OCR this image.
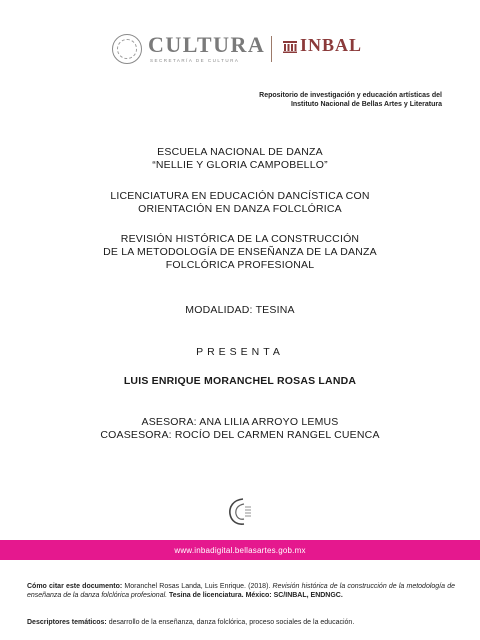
CULTURA
SECRETARÍA DE CULTURA
INBAL
Repositorio de investigación y educación artísticas del
Instituto Nacional de Bellas Artes y Literatura
ESCUELA NACIONAL DE DANZA
“NELLIE Y GLORIA CAMPOBELLO”
LICENCIATURA EN EDUCACIÓN DANCÍSTICA CON
ORIENTACIÓN EN DANZA FOLCLÓRICA
REVISIÓN HISTÓRICA DE LA CONSTRUCCIÓN
DE LA METODOLOGÍA DE ENSEÑANZA DE LA DANZA
FOLCLÓRICA PROFESIONAL
MODALIDAD: TESINA
PRESENTA
LUIS ENRIQUE MORANCHEL ROSAS LANDA
ASESORA: ANA LILIA ARROYO LEMUS
COASESORA: ROCÍO DEL CARMEN RANGEL CUENCA
www.inbadigital.bellasartes.gob.mx
Cómo citar este documento: Moranchel Rosas Landa, Luis Enrique. (2018). Revisión histórica de la construcción de la metodología de enseñanza de la danza folclórica profesional. Tesina de licenciatura. México: SC/INBAL, ENDNGC.
Descriptores temáticos: desarrollo de la enseñanza, danza folclórica, proceso sociales de la educación.
